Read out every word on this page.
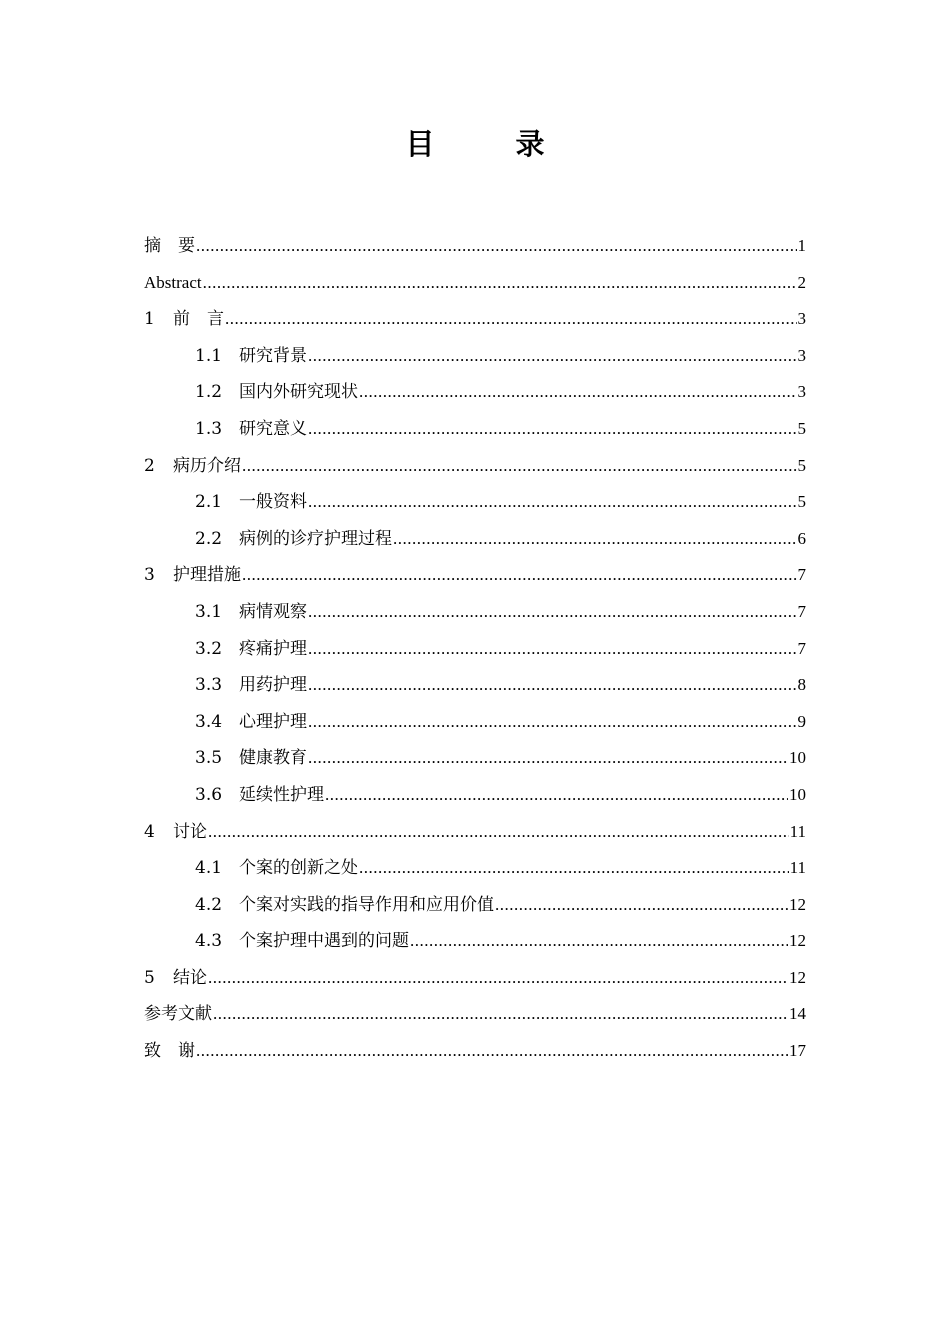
目　录
摘　要 .....	1
Abstract .....	2
1	前　言 .....	3
1.1 研究背景 .....	3
1.2 国内外研究现状 .....	3
1.3 研究意义 .....	5
2	病历介绍 .....	5
2.1 一般资料 .....	5
2.2 病例的诊疗护理过程 .....	6
3	护理措施 .....	7
3.1 病情观察 .....	7
3.2 疼痛护理 .....	7
3.3 用药护理 .....	8
3.4 心理护理 .....	9
3.5 健康教育 .....	10
3.6 延续性护理 .....	10
4	讨论 .....	11
4.1 个案的创新之处 .....	11
4.2 个案对实践的指导作用和应用价值 .....	12
4.3 个案护理中遇到的问题 .....	12
5	结论 .....	12
参考文献 .....	14
致　谢 .....	17
